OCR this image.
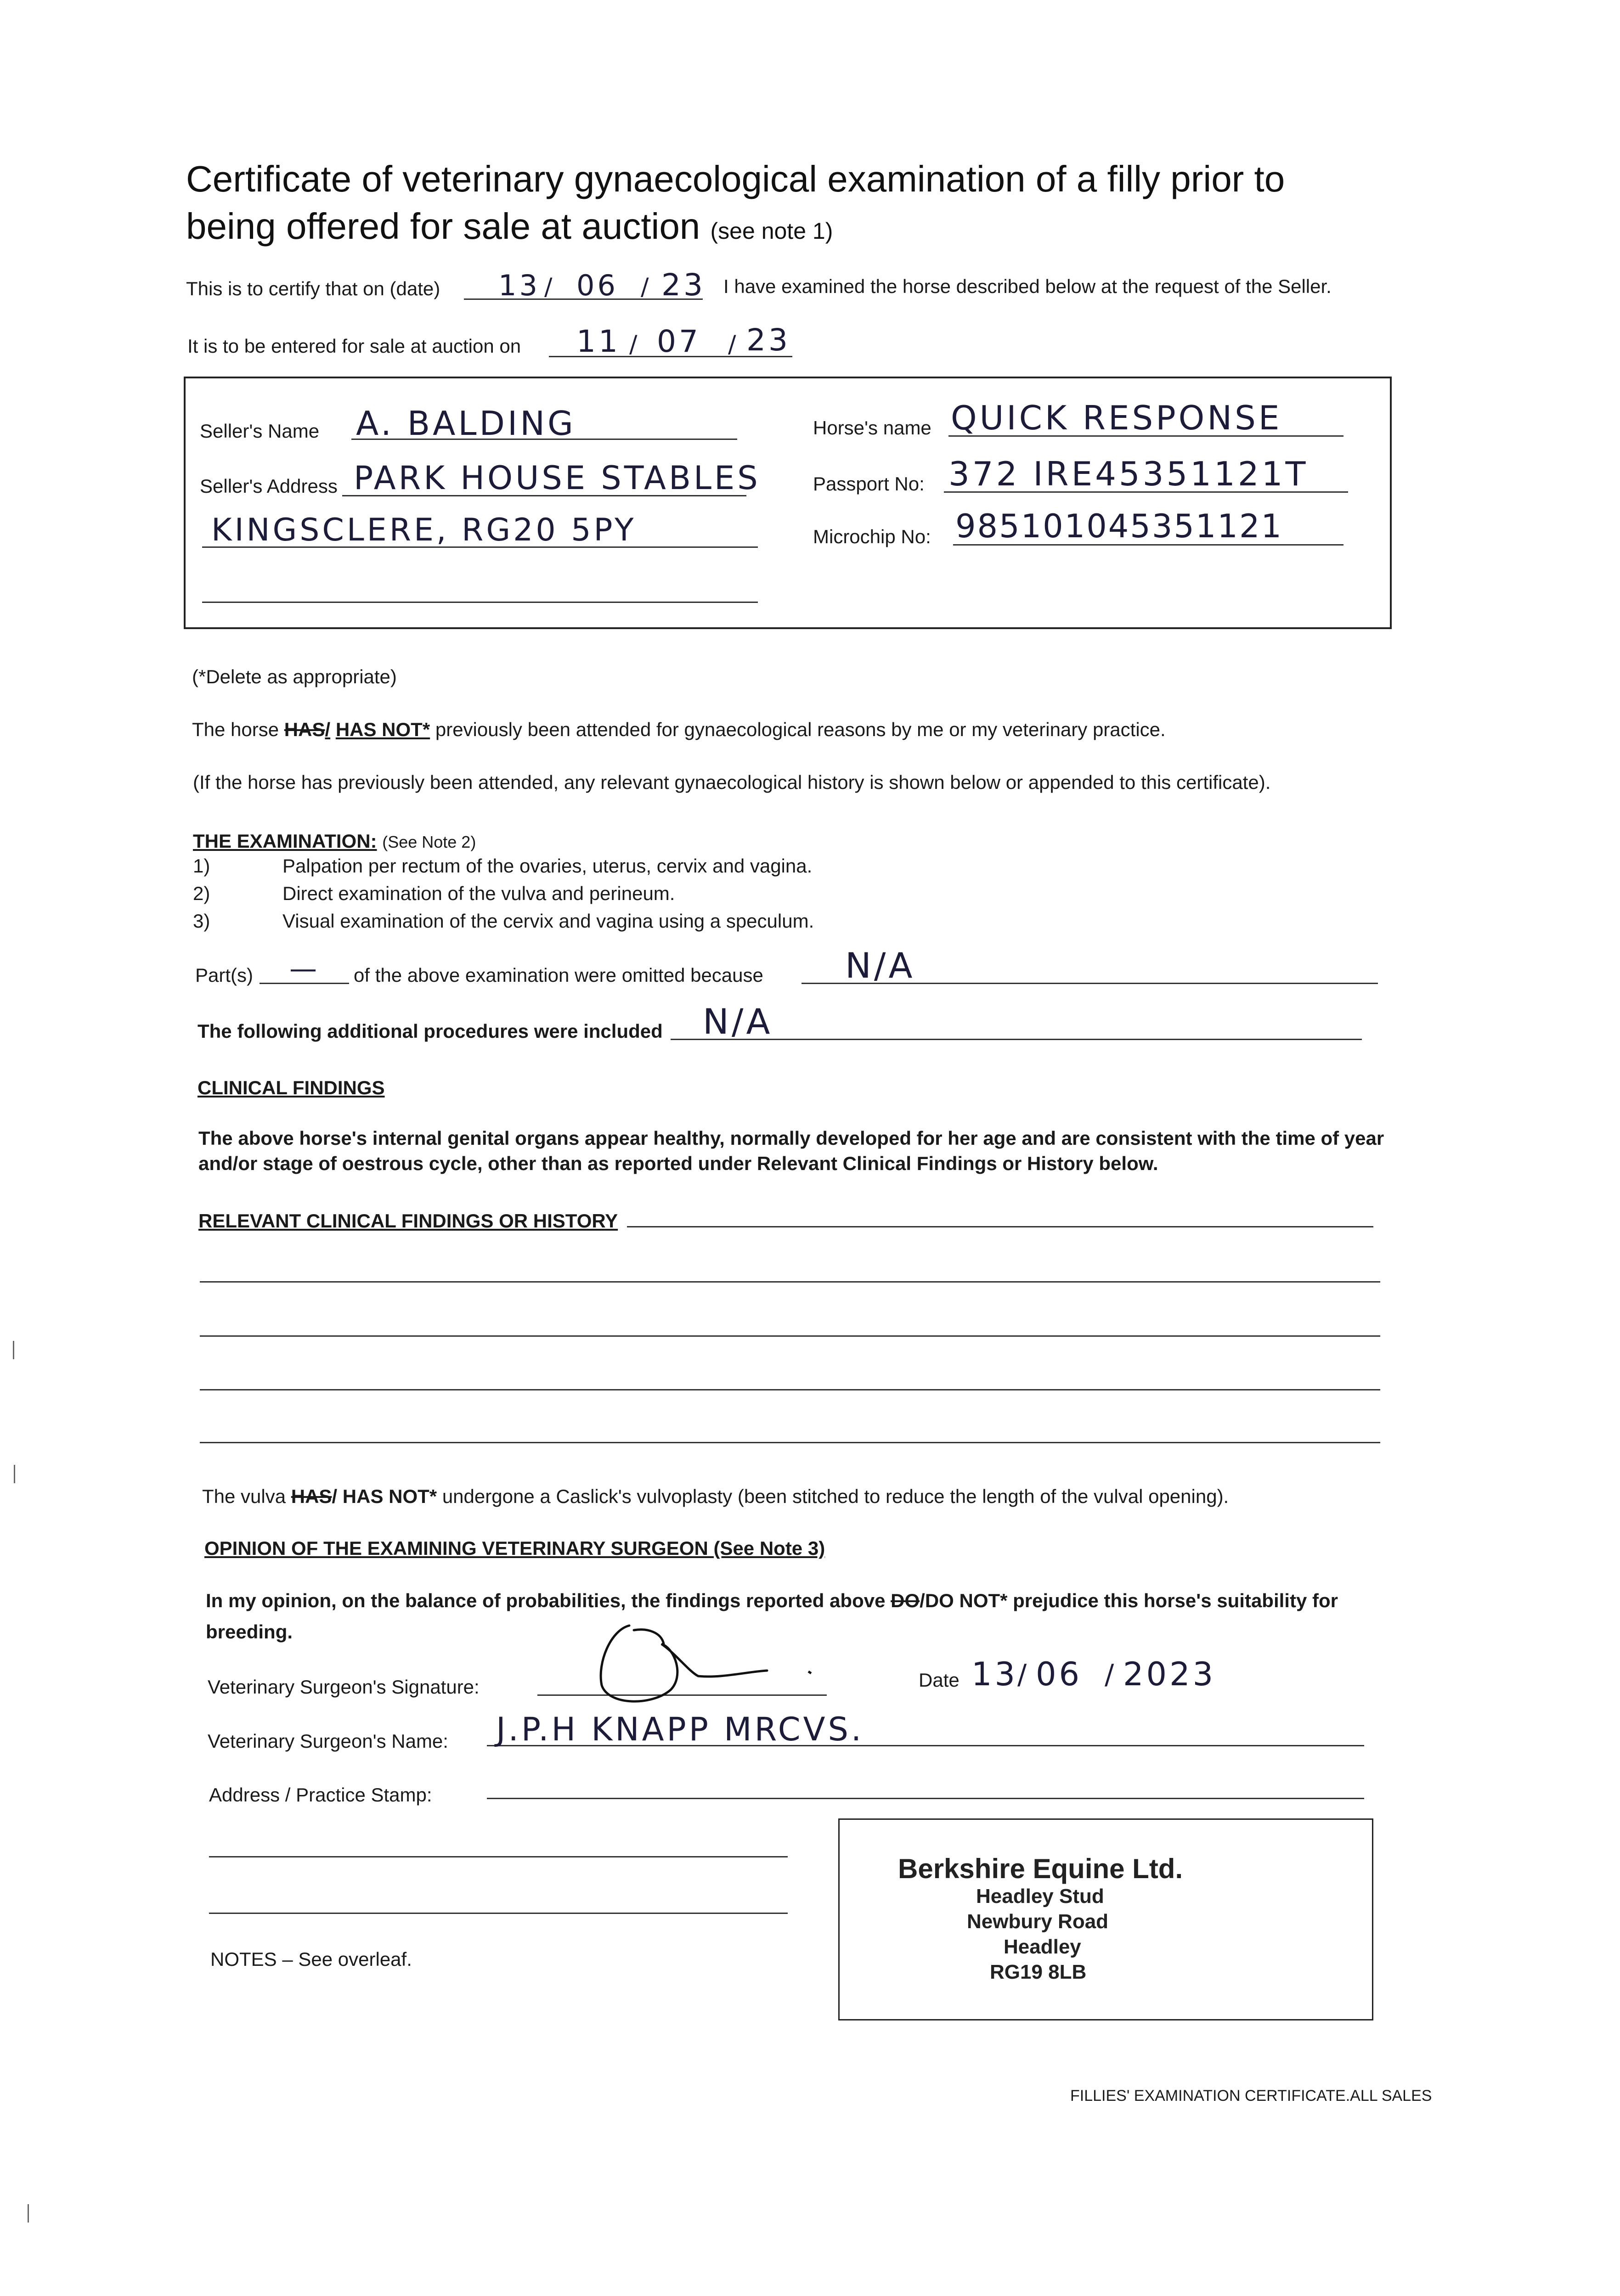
Certificate of veterinary gynaecological examination of a filly prior to
being offered for sale at auction (see note 1)
This is to certify that on (date) 13 / 06 / 23 I have examined the horse described below at the request of the Seller.
It is to be entered for sale at auction on 11 / 07 / 23
Seller's Name A. BALDING
Seller's Address PARK HOUSE STABLES
KINGSCLERE, RG20 5PY
Horse's name QUICK RESPONSE
Passport No: 372 IRE45351121T
Microchip No: 985101045351121
(*Delete as appropriate)
The horse HAS/ HAS NOT* previously been attended for gynaecological reasons by me or my veterinary practice.
(If the horse has previously been attended, any relevant gynaecological history is shown below or appended to this certificate).
THE EXAMINATION: (See Note 2)
1)	Palpation per rectum of the ovaries, uterus, cervix and vagina.
2)	Direct examination of the vulva and perineum.
3)	Visual examination of the cervix and vagina using a speculum.
Part(s) — of the above examination were omitted because N/A
The following additional procedures were included N/A
CLINICAL FINDINGS
The above horse's internal genital organs appear healthy, normally developed for her age and are consistent with the time of year
and/or stage of oestrous cycle, other than as reported under Relevant Clinical Findings or History below.
RELEVANT CLINICAL FINDINGS OR HISTORY
The vulva HAS/ HAS NOT* undergone a Caslick's vulvoplasty (been stitched to reduce the length of the vulval opening).
OPINION OF THE EXAMINING VETERINARY SURGEON (See Note 3)
In my opinion, on the balance of probabilities, the findings reported above DO/DO NOT* prejudice this horse's suitability for
breeding.
Veterinary Surgeon's Signature:	Date 13
/ 06 / 2023
Veterinary Surgeon's Name: J.P.H KNAPP MRCVS.
Address / Practice Stamp:
Berkshire Equine Ltd.
Headley Stud
Newbury Road
Headley
RG19 8LB
NOTES – See overleaf.
FILLIES' EXAMINATION CERTIFICATE.ALL SALES
